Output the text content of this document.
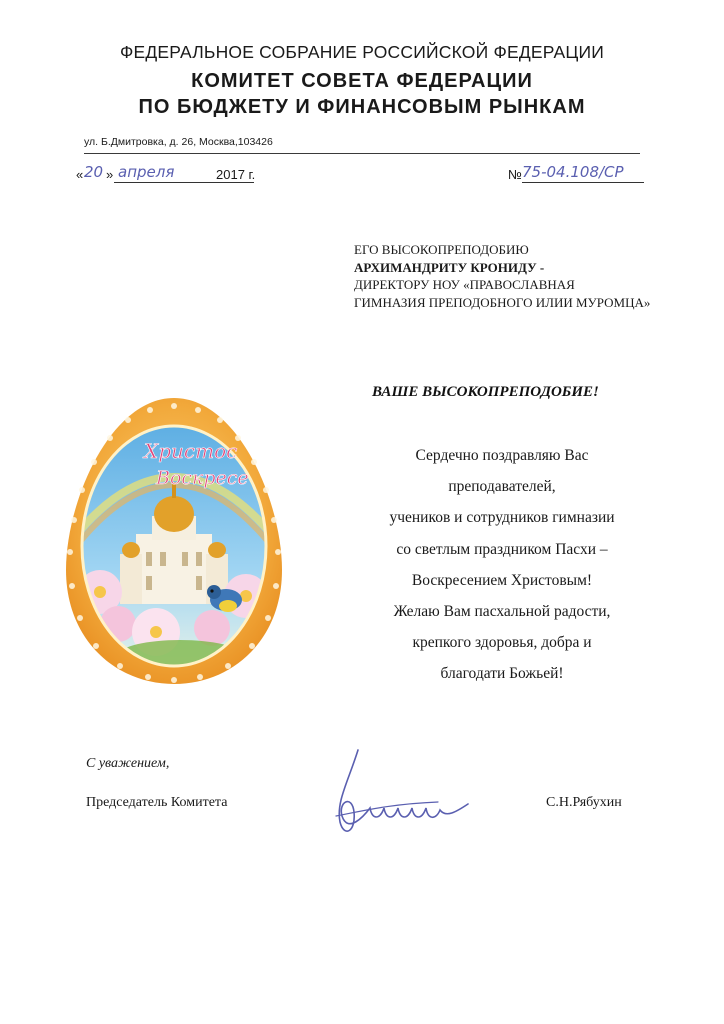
ФЕДЕРАЛЬНОЕ СОБРАНИЕ РОССИЙСКОЙ ФЕДЕРАЦИИ
КОМИТЕТ СОВЕТА ФЕДЕРАЦИИ
ПО БЮДЖЕТУ И ФИНАНСОВЫМ РЫНКАМ
ул. Б.Дмитровка, д. 26, Москва,103426
« 20 » апреля	2017 г.	№ 75-04.108/СР
ЕГО ВЫСОКОПРЕПОДОБИЮ
АРХИМАНДРИТУ КРОНИДУ -
ДИРЕКТОРУ НОУ «ПРАВОСЛАВНАЯ
ГИМНАЗИЯ ПРЕПОДОБНОГО ИЛИИ МУРОМЦА»
ВАШЕ ВЫСОКОПРЕПОДОБИЕ!
Сердечно поздравляю Вас
преподавателей,
учеников и сотрудников гимназии
со светлым праздником Пасхи –
Воскресением Христовым!
Желаю Вам пасхальной радости,
крепкого здоровья, добра и
благодати Божьей!
Христос
Воскресе
С уважением,
Председатель Комитета	С.Н.Рябухин
